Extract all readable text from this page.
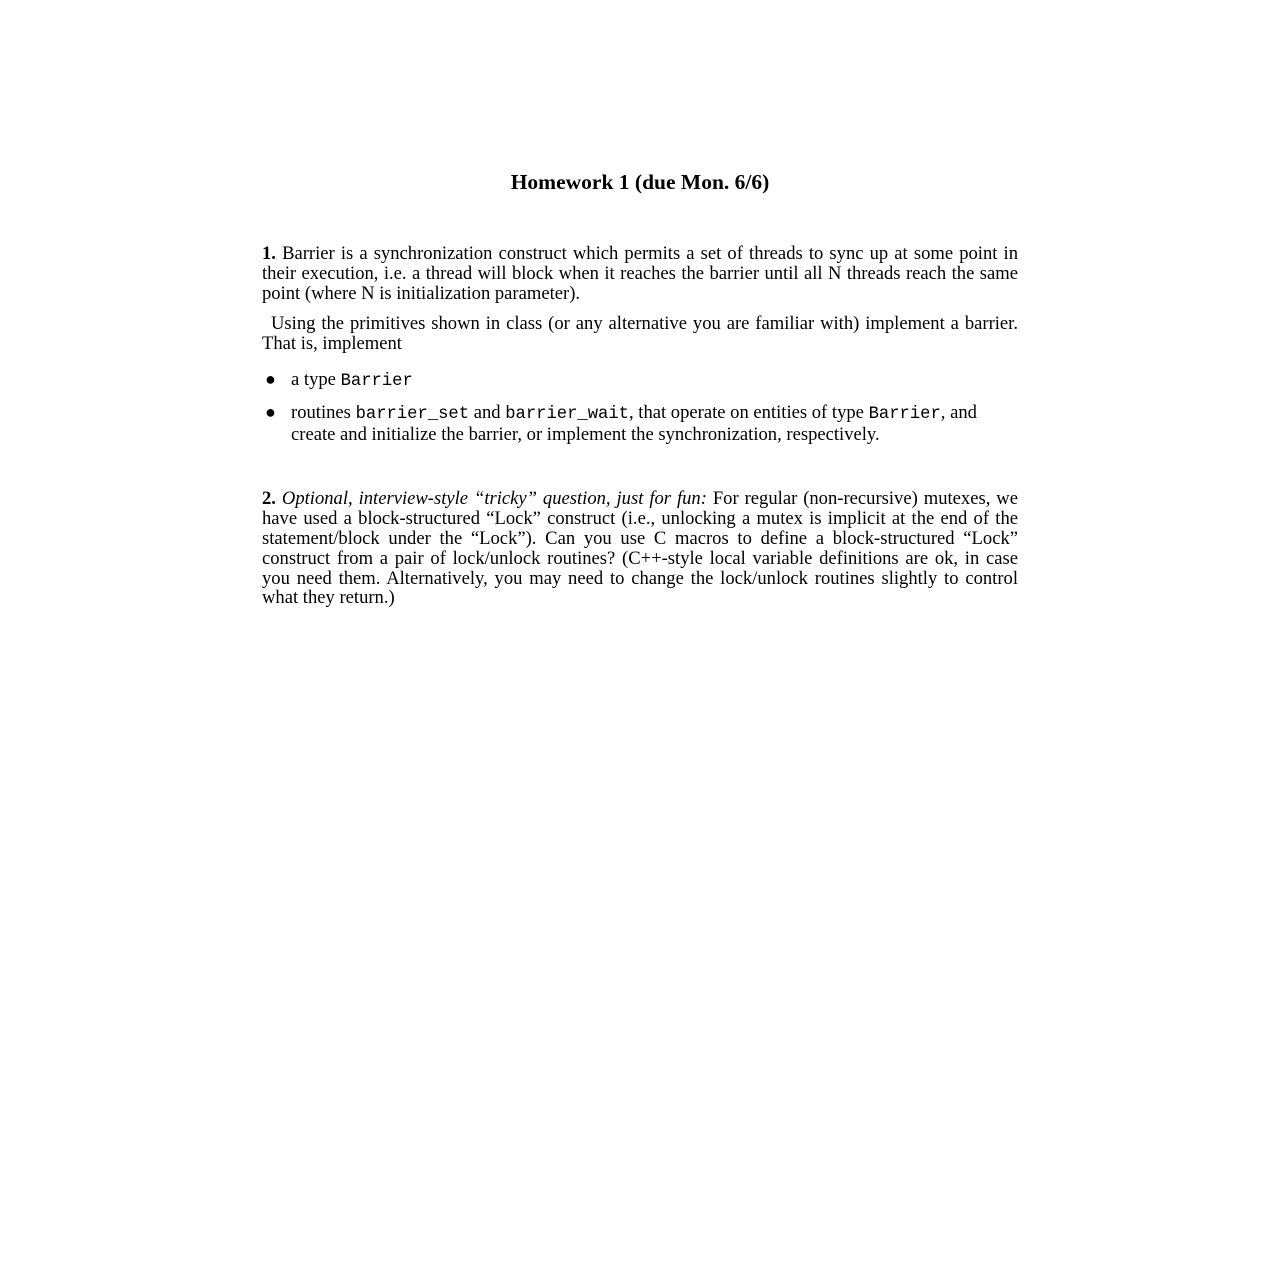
Homework 1 (due Mon. 6/6)

1. Barrier is a synchronization construct which permits a set of threads to sync up at some point in their execution, i.e. a thread will block when it reaches the barrier until all N threads reach the same point (where N is initialization parameter).

Using the primitives shown in class (or any alternative you are familiar with) implement a barrier. That is, implement

● a type Barrier
● routines barrier_set and barrier_wait, that operate on entities of type Barrier, and create and initialize the barrier, or implement the synchronization, respectively.

2. Optional, interview-style “tricky” question, just for fun: For regular (non-recursive) mutexes, we have used a block-structured “Lock” construct (i.e., unlocking a mutex is implicit at the end of the statement/block under the “Lock”). Can you use C macros to define a block-structured “Lock” construct from a pair of lock/unlock routines? (C++-style local variable definitions are ok, in case you need them. Alternatively, you may need to change the lock/unlock routines slightly to control what they return.)
